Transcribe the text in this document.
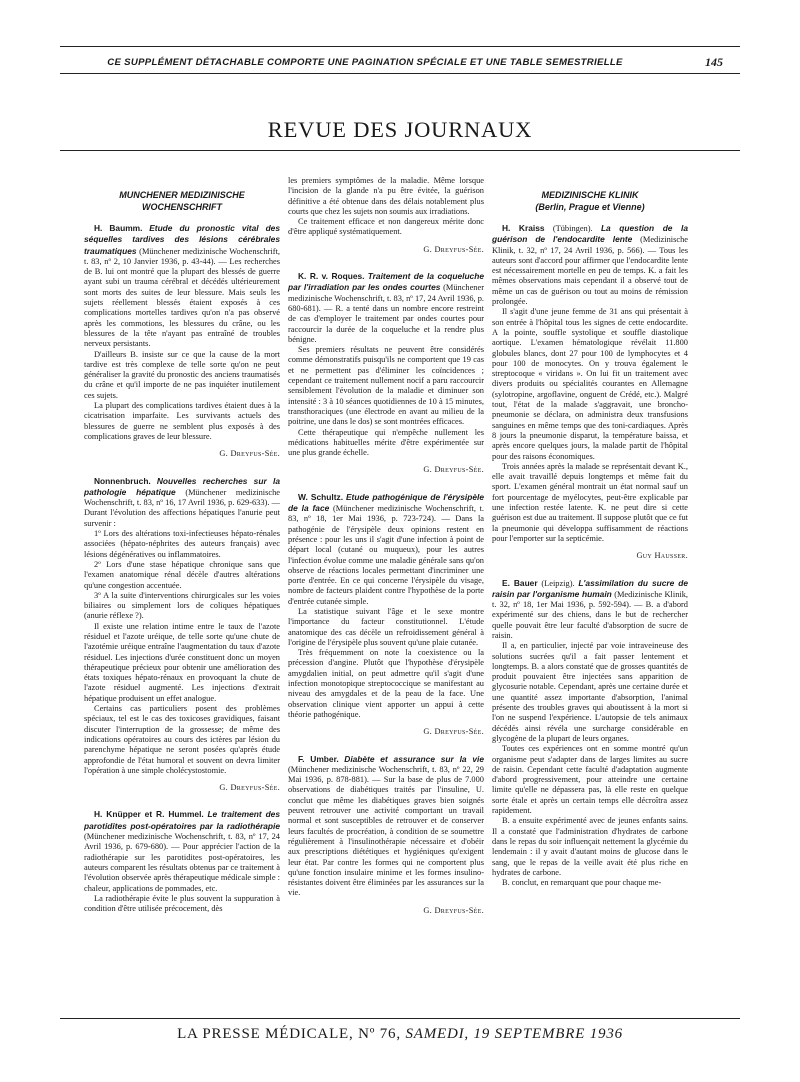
CE SUPPLÉMENT DÉTACHABLE COMPORTE UNE PAGINATION SPÉCIALE ET UNE TABLE SEMESTRIELLE	145
REVUE DES JOURNAUX
MUNCHENER MEDIZINISCHE
WOCHENSCHRIFT

H. Baumm. Etude du pronostic vital des séquelles tardives des lésions cérébrales traumatiques (Münchener medizinische Wochenschrift, t. 83, nº 2, 10 Janvier 1936, p. 43-44). — Les recherches de B. lui ont montré que la plupart des blessés de guerre ayant subi un trauma cérébral et décédés ultérieurement sont morts des suites de leur blessure. Mais seuls les sujets réellement blessés étaient exposés à ces complications mortelles tardives qu'on n'a pas observé après les commotions, les blessures du crâne, ou les blessures de la tête n'ayant pas entraîné de troubles nerveux persistants.

D'ailleurs B. insiste sur ce que la cause de la mort tardive est très complexe de telle sorte qu'on ne peut généraliser la gravité du pronostic des anciens traumatisés du crâne et qu'il importe de ne pas inquiéter inutilement ces sujets.

La plupart des complications tardives étaient dues à la cicatrisation imparfaite. Les survivants actuels des blessures de guerre ne semblent plus exposés à des complications graves de leur blessure.

G. Dreyfus-Sée.

Nonnenbruch. Nouvelles recherches sur la pathologie hépatique (Münchener medizinische Wochenschrift, t. 83, nº 16, 17 Avril 1936, p. 629-633). — Durant l'évolution des affections hépatiques l'anurie peut survenir :

1º Lors des altérations toxi-infectieuses hépato-rénales associées (hépato-néphrites des auteurs français) avec lésions dégénératives ou inflammatoires.

2º Lors d'une stase hépatique chronique sans que l'examen anatomique rénal décèle d'autres altérations qu'une congestion accentuée.

3º A la suite d'interventions chirurgicales sur les voies biliaires ou simplement lors de coliques hépatiques (anurie réflexe ?).

Il existe une relation intime entre le taux de l'azote résiduel et l'azote uréique, de telle sorte qu'une chute de l'azotémie uréique entraîne l'augmentation du taux d'azote résiduel. Les injections d'urée constituent donc un moyen thérapeutique précieux pour obtenir une amélioration des états toxiques hépato-rénaux en provoquant la chute de l'azote résiduel augmenté. Les injections d'extrait hépatique produisent un effet analogue.

Certains cas particuliers posent des problèmes spéciaux, tel est le cas des toxicoses gravidiques, faisant discuter l'interruption de la grossesse; de même des indications opératoires au cours des ictères par lésion du parenchyme hépatique ne seront posées qu'après étude approfondie de l'état humoral et souvent on devra limiter l'opération à une simple cholécystostomie.

G. Dreyfus-Sée.

H. Knüpper et R. Hummel. Le traitement des parotidites post-opératoires par la radiothérapie (Münchener medizinische Wochenschrift, t. 83, nº 17, 24 Avril 1936, p. 679-680). — Pour apprécier l'action de la radiothérapie sur les parotidites post-opératoires, les auteurs comparent les résultats obtenus par ce traitement à l'évolution observée après thérapeutique médicale simple : chaleur, applications de pommades, etc.

La radiothérapie évite le plus souvent la suppuration à condition d'être utilisée précocement, dès

les premiers symptômes de la maladie. Même lorsque l'incision de la glande n'a pu être évitée, la guérison définitive a été obtenue dans des délais notablement plus courts que chez les sujets non soumis aux irradiations.

Ce traitement efficace et non dangereux mérite donc d'être appliqué systématiquement.

G. Dreyfus-Sée.

K. R. v. Roques. Traitement de la coqueluche par l'irradiation par les ondes courtes (Münchener medizinische Wochenschrift, t. 83, nº 17, 24 Avril 1936, p. 680-681). — R. a tenté dans un nombre encore restreint de cas d'employer le traitement par ondes courtes pour raccourcir la durée de la coqueluche et la rendre plus bénigne.

Ses premiers résultats ne peuvent être considérés comme démonstratifs puisqu'ils ne comportent que 19 cas et ne permettent pas d'éliminer les coïncidences ; cependant ce traitement nullement nocif a paru raccourcir sensiblement l'évolution de la maladie et diminuer son intensité : 3 à 10 séances quotidiennes de 10 à 15 minutes, transthoraciques (une électrode en avant au milieu de la poitrine, une dans le dos) se sont montrées efficaces.

Cette thérapeutique qui n'empêche nullement les médications habituelles mérite d'être expérimentée sur une plus grande échelle.

G. Dreyfus-Sée.

W. Schultz. Etude pathogénique de l'érysipèle de la face (Münchener medizinische Wochenschrift, t. 83, nº 18, 1er Mai 1936, p. 723-724). — Dans la pathogénie de l'érysipèle deux opinions restent en présence : pour les uns il s'agit d'une infection à point de départ local (cutané ou muqueux), pour les autres l'infection évolue comme une maladie générale sans qu'on observe de réactions locales permettant d'incriminer une porte d'entrée. En ce qui concerne l'érysipèle du visage, nombre de facteurs plaident contre l'hypothèse de la porte d'entrée cutanée simple.

La statistique suivant l'âge et le sexe montre l'importance du facteur constitutionnel. L'étude anatomique des cas décèle un refroidissement général à l'origine de l'érysipèle plus souvent qu'une plaie cutanée.

Très fréquemment on note la coexistence ou la précession d'angine. Plutôt que l'hypothèse d'érysipèle amygdalien initial, on peut admettre qu'il s'agit d'une infection monotopique streptococcique se manifestant au niveau des amygdales et de la peau de la face. Une observation clinique vient apporter un appui à cette théorie pathogénique.

G. Dreyfus-Sée.

F. Umber. Diabète et assurance sur la vie (Münchener medizinische Wochenschrift, t. 83, nº 22, 29 Mai 1936, p. 878-881). — Sur la base de plus de 7.000 observations de diabétiques traités par l'insuline, U. conclut que même les diabétiques graves bien soignés peuvent retrouver une activité comportant un travail normal et sont susceptibles de retrouver et de conserver leurs facultés de procréation, à condition de se soumettre régulièrement à l'insulinothérapie nécessaire et d'obéir aux prescriptions diététiques et hygiéniques qu'exigent leur état. Par contre les formes qui ne comportent plus qu'une fonction insulaire minime et les formes insulino-résistantes doivent être éliminées par les assurances sur la vie.

G. Dreyfus-Sée.
MEDIZINISCHE KLINIK
(Berlin, Prague et Vienne)

H. Kraiss (Tübingen). La question de la guérison de l'endocardite lente (Medizinische Klinik, t. 32, nº 17, 24 Avril 1936, p. 566). — Tous les auteurs sont d'accord pour affirmer que l'endocardite lente est nécessairement mortelle en peu de temps. K. a fait les mêmes observations mais cependant il a observé tout de même un cas de guérison ou tout au moins de rémission prolongée.

Il s'agit d'une jeune femme de 31 ans qui présentait à son entrée à l'hôpital tous les signes de cette endocardite. A la pointe, souffle systolique et souffle diastolique aortique. L'examen hématologique révélait 11.800 globules blancs, dont 27 pour 100 de lymphocytes et 4 pour 100 de monocytes. On y trouva également le streptocoque « viridans ». On lui fit un traitement avec divers produits ou spécialités courantes en Allemagne (sylotropine, argoflavine, onguent de Crédé, etc.). Malgré tout, l'état de la malade s'aggravait, une broncho-pneumonie se déclara, on administra deux transfusions sanguines en même temps que des toni-cardiaques. Après 8 jours la pneumonie disparut, la température baissa, et après encore quelques jours, la malade partit de l'hôpital pour des raisons économiques.

Trois années après la malade se représentait devant K., elle avait travaillé depuis longtemps et même fait du sport. L'examen général montrait un état normal sauf un fort pourcentage de myélocytes, peut-être explicable par une infection restée latente. K. ne peut dire si cette guérison est due au traitement. Il suppose plutôt que ce fut la pneumonie qui développa suffisamment de réactions pour l'emporter sur la septicémie.

Guy Hausser.

E. Bauer (Leipzig). L'assimilation du sucre de raisin par l'organisme humain (Medizinische Klinik, t. 32, nº 18, 1er Mai 1936, p. 592-594). — B. a d'abord expérimenté sur des chiens, dans le but de rechercher quelle pouvait être leur faculté d'absorption de sucre de raisin.

Il a, en particulier, injecté par voie intraveineuse des solutions sucrées qu'il a fait passer lentement et longtemps. B. a alors constaté que de grosses quantités de produit pouvaient être injectées sans apparition de glycosurie notable. Cependant, après une certaine durée et une quantité assez importante d'absorption, l'animal présente des troubles graves qui aboutissent à la mort si l'on ne suspend l'expérience. L'autopsie de tels animaux décédés ainsi révéla une surcharge considérable en glycogène de la plupart de leurs organes.

Toutes ces expériences ont en somme montré qu'un organisme peut s'adapter dans de larges limites au sucre de raisin. Cependant cette faculté d'adaptation augmente d'abord progressivement, pour atteindre une certaine limite qu'elle ne dépassera pas, là elle reste en quelque sorte étale et après un certain temps elle décroîtra assez rapidement.

B. a ensuite expérimenté avec de jeunes enfants sains. Il a constaté que l'administration d'hydrates de carbone dans le repas du soir influençait nettement la glycémie du lendemain : il y avait d'autant moins de glucose dans le sang, que le repas de la veille avait été plus riche en hydrates de carbone.

B. conclut, en remarquant que pour chaque me-

LA PRESSE MÉDICALE, Nº 76, SAMEDI, 19 SEPTEMBRE 1936
